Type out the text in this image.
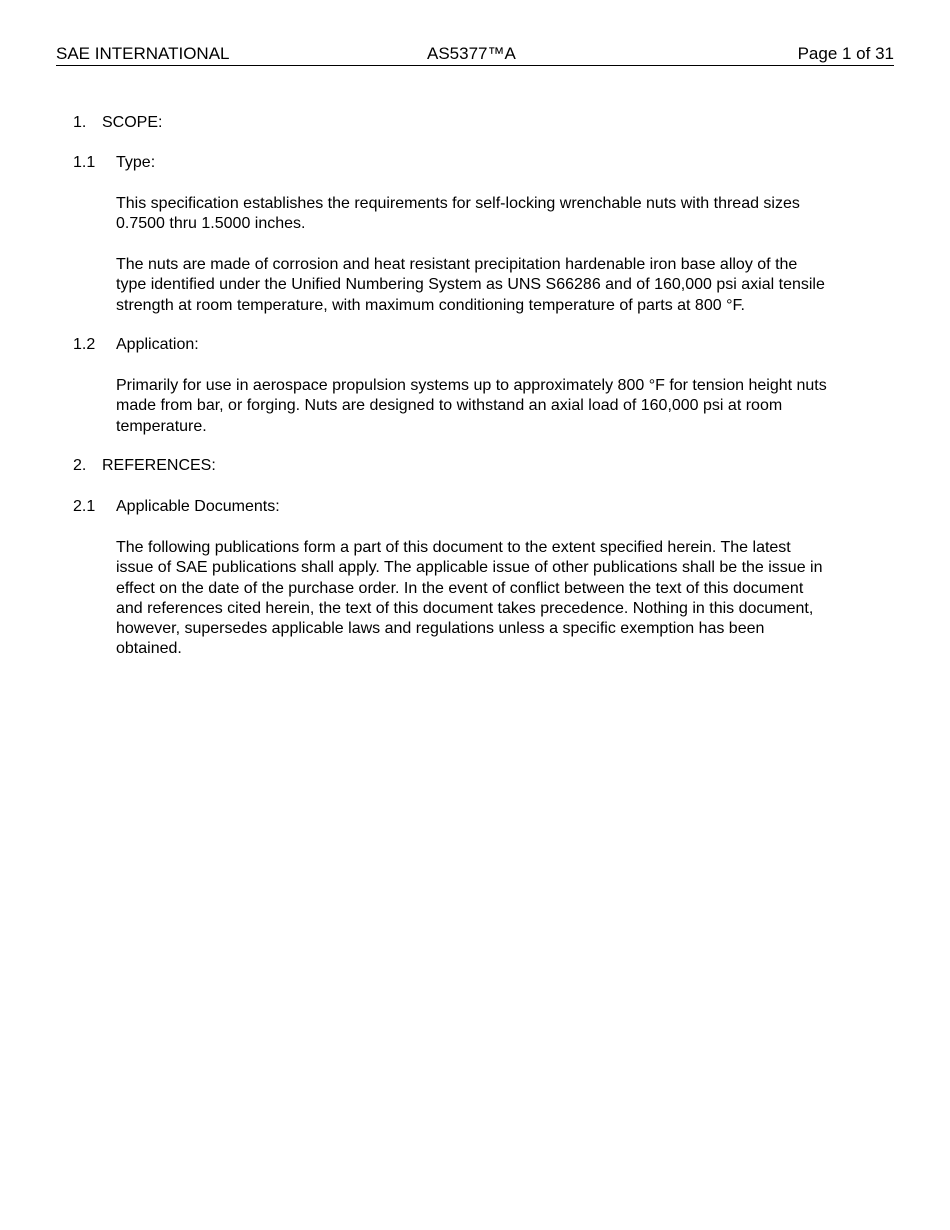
SAE INTERNATIONAL	AS5377™A	Page 1 of 31
1. SCOPE:
1.1 Type:
This specification establishes the requirements for self-locking wrenchable nuts with thread sizes
0.7500 thru 1.5000 inches.
The nuts are made of corrosion and heat resistant precipitation hardenable iron base alloy of the
type identified under the Unified Numbering System as UNS S66286 and of 160,000 psi axial tensile
strength at room temperature, with maximum conditioning temperature of parts at 800 °F.
1.2 Application:
Primarily for use in aerospace propulsion systems up to approximately 800 °F for tension height nuts
made from bar, or forging. Nuts are designed to withstand an axial load of 160,000 psi at room
temperature.
2. REFERENCES:
2.1 Applicable Documents:
The following publications form a part of this document to the extent specified herein. The latest
issue of SAE publications shall apply. The applicable issue of other publications shall be the issue in
effect on the date of the purchase order. In the event of conflict between the text of this document
and references cited herein, the text of this document takes precedence. Nothing in this document,
however, supersedes applicable laws and regulations unless a specific exemption has been
obtained.
